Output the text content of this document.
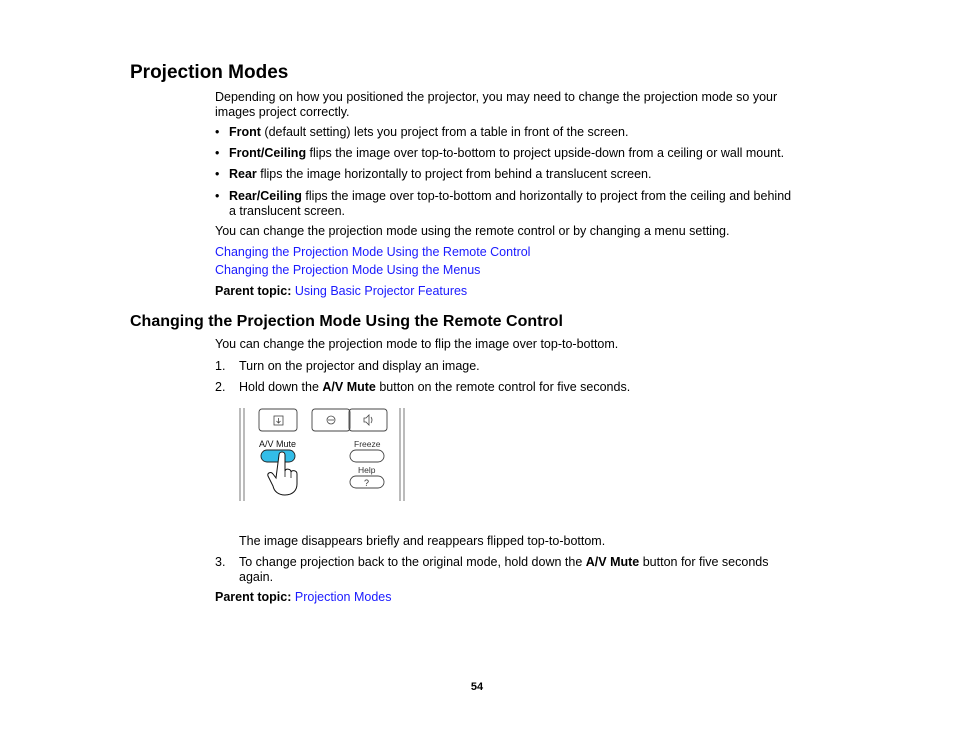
Projection Modes

Depending on how you positioned the projector, you may need to change the projection mode so your
images project correctly.

• Front (default setting) lets you project from a table in front of the screen.

• Front/Ceiling flips the image over top-to-bottom to project upside-down from a ceiling or wall mount.

• Rear flips the image horizontally to project from behind a translucent screen.

• Rear/Ceiling flips the image over top-to-bottom and horizontally to project from the ceiling and behind
a translucent screen.

You can change the projection mode using the remote control or by changing a menu setting.

Changing the Projection Mode Using the Remote Control

Changing the Projection Mode Using the Menus

Parent topic: Using Basic Projector Features

Changing the Projection Mode Using the Remote Control

You can change the projection mode to flip the image over top-to-bottom.

1. Turn on the projector and display an image.

2. Hold down the A/V Mute button on the remote control for five seconds.

A/V Mute	Freeze
Help
?

The image disappears briefly and reappears flipped top-to-bottom.

3. To change projection back to the original mode, hold down the A/V Mute button for five seconds
again.

Parent topic: Projection Modes

54
